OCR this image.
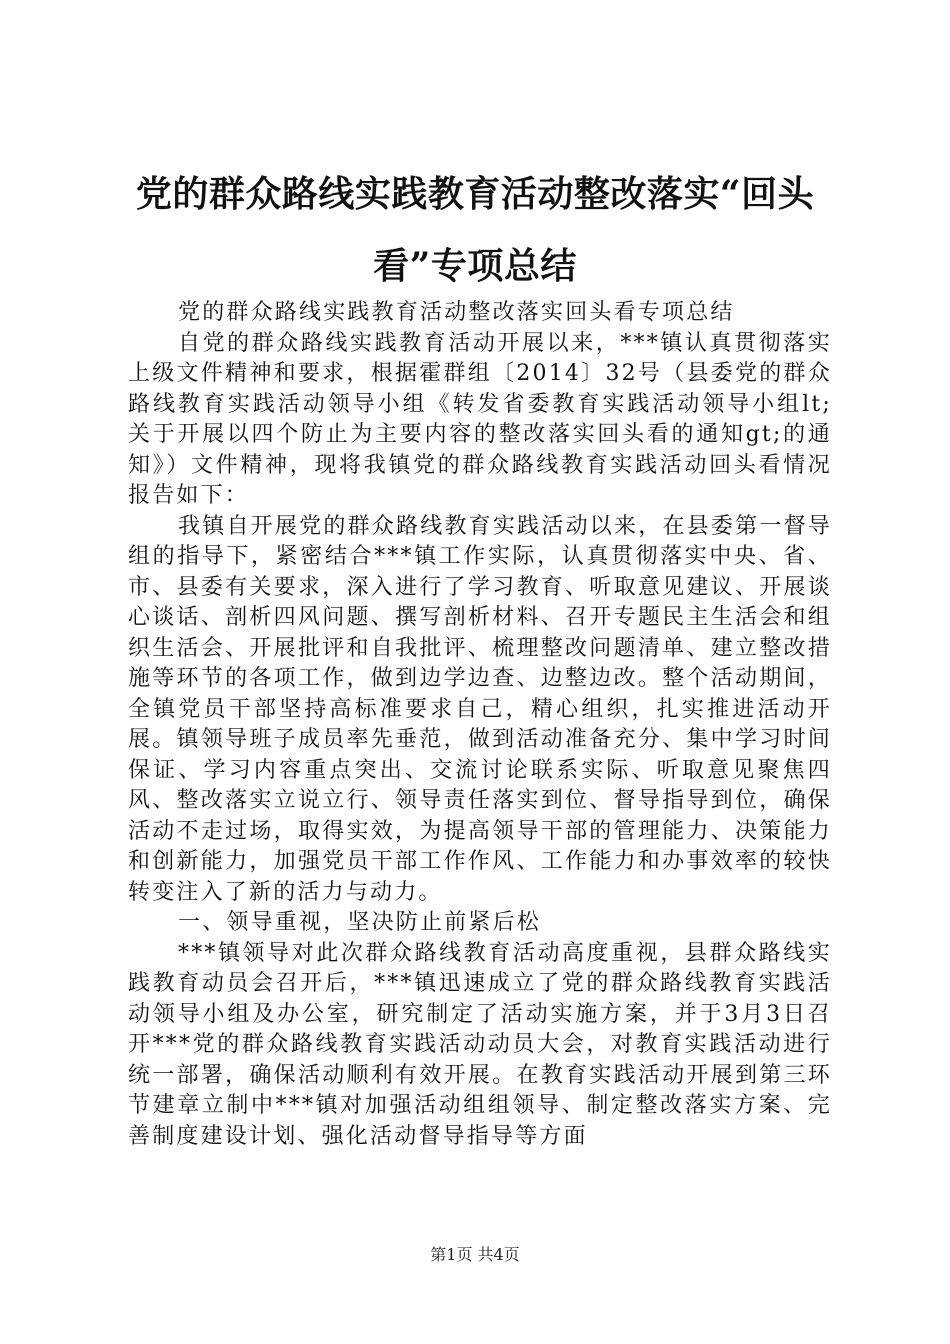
党的群众路线实践教育活动整改落实“回头
看”专项总结

党的群众路线实践教育活动整改落实回头看专项总结

自党的群众路线实践教育活动开展以来，***镇认真贯彻落实上级文件精神和要求，根据霍群组〔2014〕32号（县委党的群众路线教育实践活动领导小组《转发省委教育实践活动领导小组lt;关于开展以四个防止为主要内容的整改落实回头看的通知gt;的通知》）文件精神，现将我镇党的群众路线教育实践活动回头看情况报告如下：

我镇自开展党的群众路线教育实践活动以来，在县委第一督导组的指导下，紧密结合***镇工作实际，认真贯彻落实中央、省、市、县委有关要求，深入进行了学习教育、听取意见建议、开展谈心谈话、剖析四风问题、撰写剖析材料、召开专题民主生活会和组织生活会、开展批评和自我批评、梳理整改问题清单、建立整改措施等环节的各项工作，做到边学边查、边整边改。整个活动期间，全镇党员干部坚持高标准要求自己，精心组织，扎实推进活动开展。镇领导班子成员率先垂范，做到活动准备充分、集中学习时间保证、学习内容重点突出、交流讨论联系实际、听取意见聚焦四风、整改落实立说立行、领导责任落实到位、督导指导到位，确保活动不走过场，取得实效，为提高领导干部的管理能力、决策能力和创新能力，加强党员干部工作作风、工作能力和办事效率的较快转变注入了新的活力与动力。

一、领导重视，坚决防止前紧后松

***镇领导对此次群众路线教育活动高度重视，县群众路线实践教育动员会召开后，***镇迅速成立了党的群众路线教育实践活动领导小组及办公室，研究制定了活动实施方案，并于3月3日召开***党的群众路线教育实践活动动员大会，对教育实践活动进行统一部署，确保活动顺利有效开展。在教育实践活动开展到第三环节建章立制中***镇对加强活动组组领导、制定整改落实方案、完善制度建设计划、强化活动督导指导等方面

第1页 共4页
